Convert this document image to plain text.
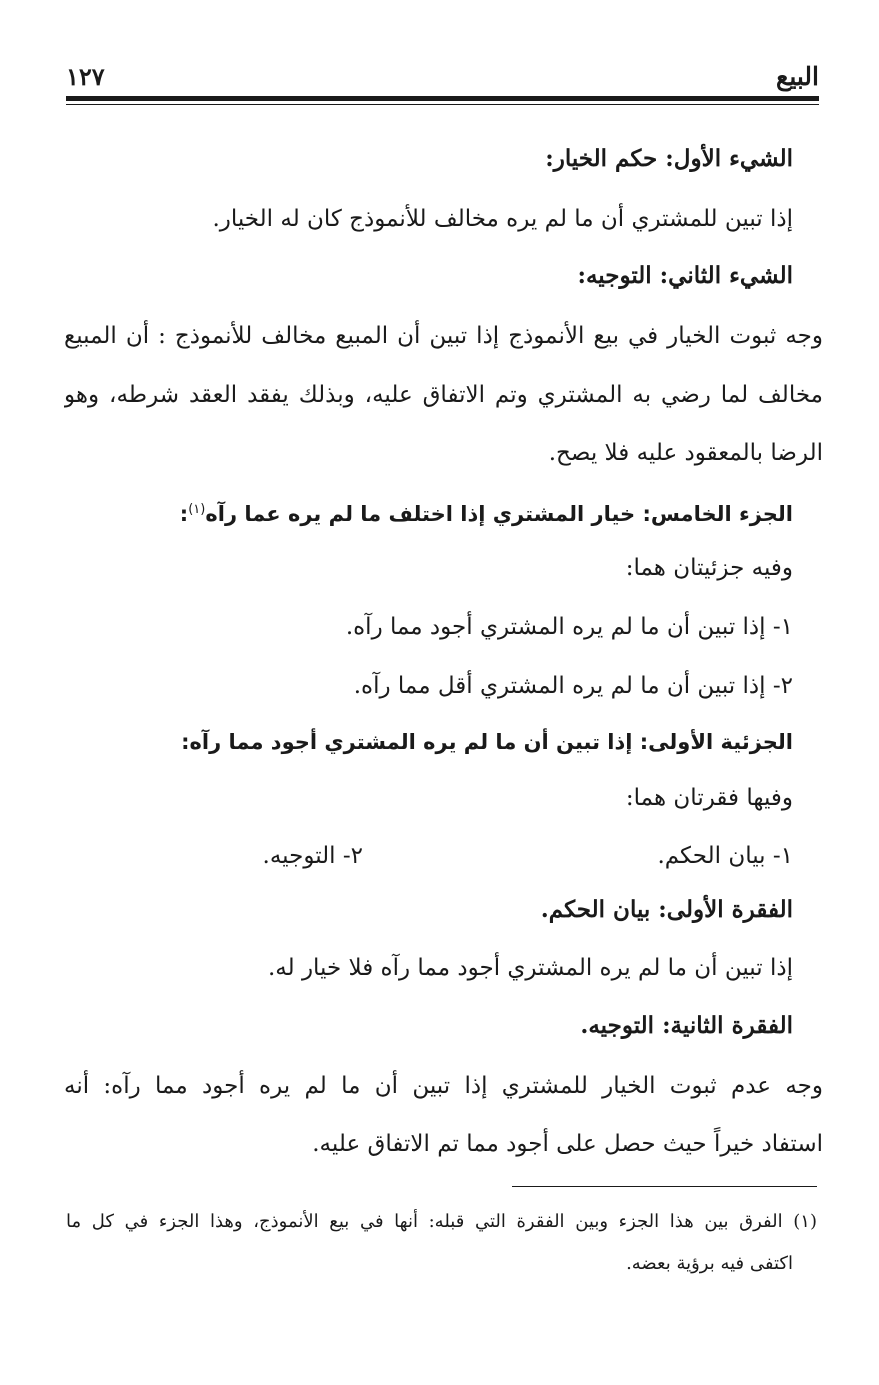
البيع
١٢٧
الشيء الأول: حكم الخيار:
إذا تبين للمشتري أن ما لم يره مخالف للأنموذج كان له الخيار.
الشيء الثاني: التوجيه:
وجه ثبوت الخيار في بيع الأنموذج إذا تبين أن المبيع مخالف للأنموذج : أن المبيع
مخالف لما رضي به المشتري وتم الاتفاق عليه، وبذلك يفقد العقد شرطه، وهو
الرضا بالمعقود عليه فلا يصح.
الجزء الخامس: خيار المشتري إذا اختلف ما لم يره عما رآه$^{(١)}$:
وفيه جزئيتان هما:
١- إذا تبين أن ما لم يره المشتري أجود مما رآه.
٢- إذا تبين أن ما لم يره المشتري أقل مما رآه.
الجزئية الأولى: إذا تبين أن ما لم يره المشتري أجود مما رآه:
وفيها فقرتان هما:
١- بيان الحكم.٢- التوجيه.
الفقرة الأولى: بيان الحكم.
إذا تبين أن ما لم يره المشتري أجود مما رآه فلا خيار له.
الفقرة الثانية: التوجيه.
وجه عدم ثبوت الخيار للمشتري إذا تبين أن ما لم يره أجود مما رآه: أنه
استفاد خيراً حيث حصل على أجود مما تم الاتفاق عليه.
(١) الفرق بين هذا الجزء وبين الفقرة التي قبله: أنها في بيع الأنموذج، وهذا الجزء في كل ما
اكتفى فيه برؤية بعضه.
